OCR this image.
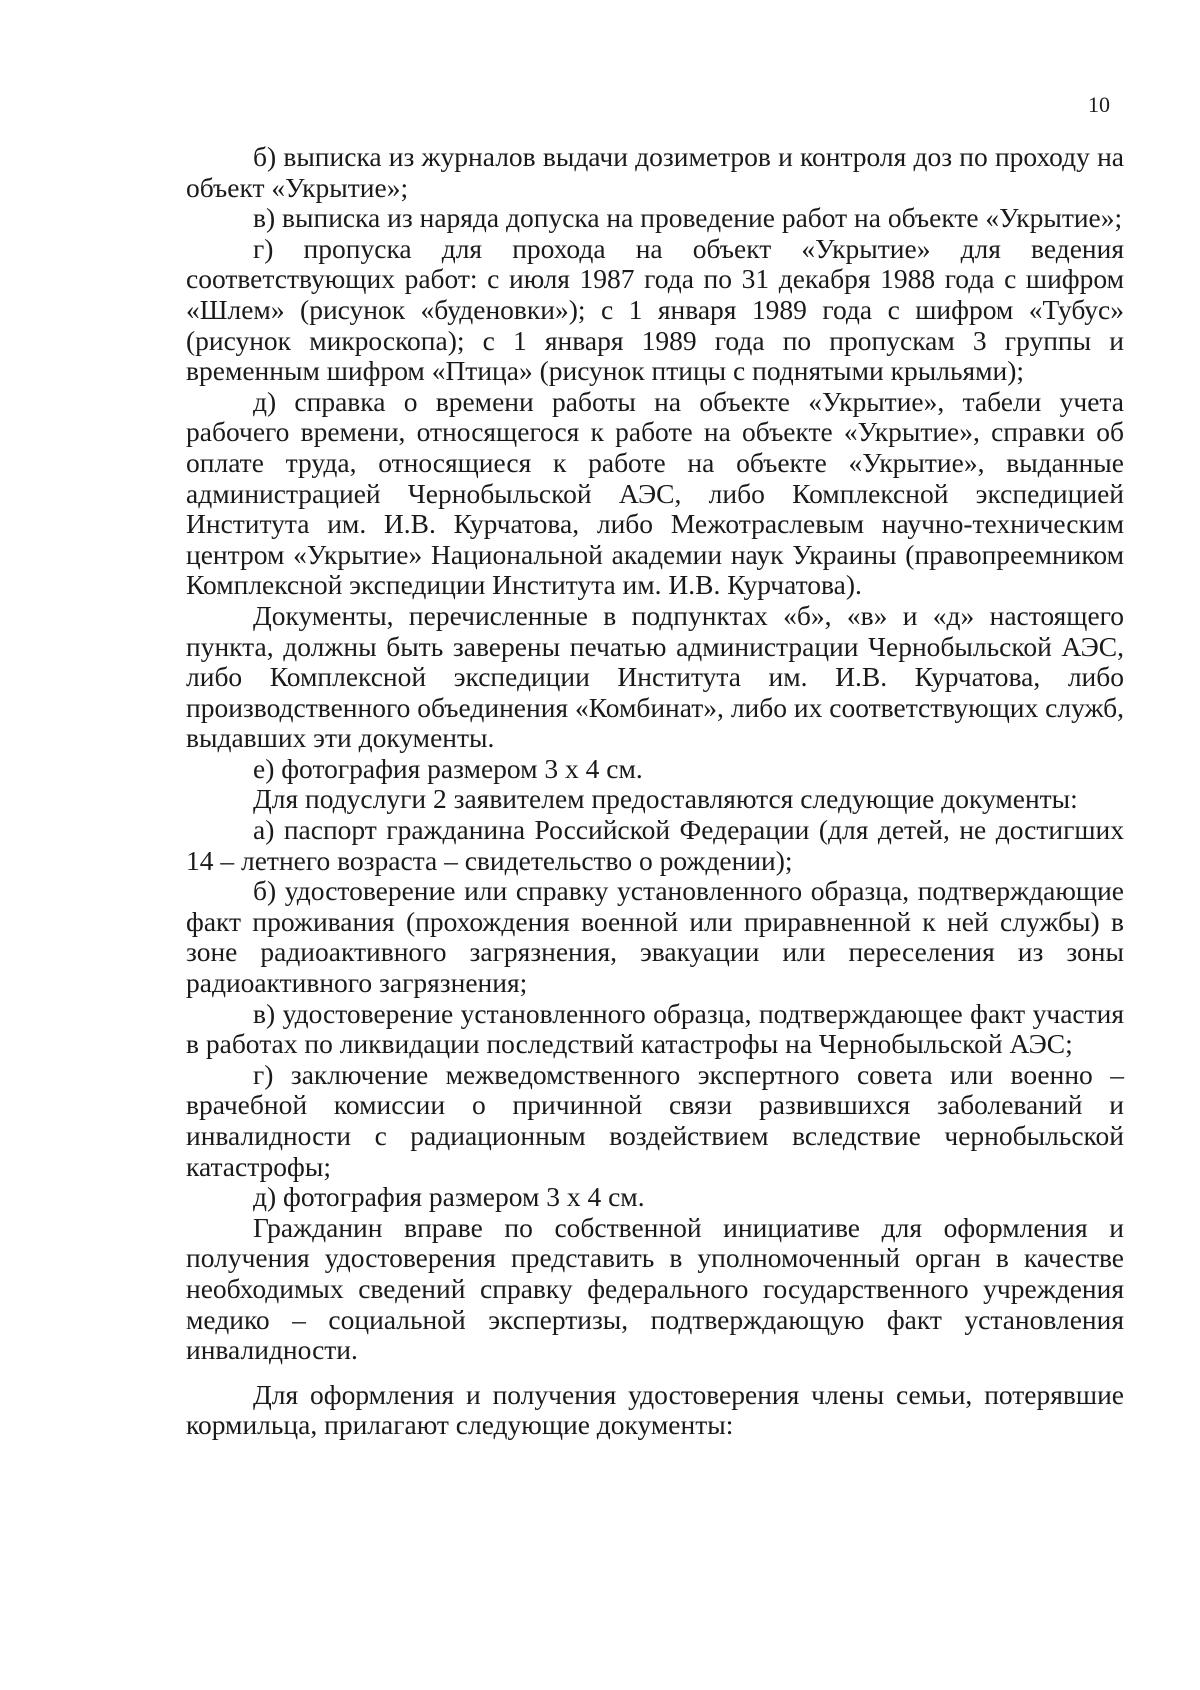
10

б) выписка из журналов выдачи дозиметров и контроля доз по проходу на объект «Укрытие»;

в) выписка из наряда допуска на проведение работ на объекте «Укрытие»;

г) пропуска для прохода на объект «Укрытие» для ведения соответствующих работ: с июля 1987 года по 31 декабря 1988 года с шифром «Шлем» (рисунок «буденовки»); с 1 января 1989 года с шифром «Тубус» (рисунок микроскопа); с 1 января 1989 года по пропускам 3 группы и временным шифром «Птица» (рисунок птицы с поднятыми крыльями);

д) справка о времени работы на объекте «Укрытие», табели учета рабочего времени, относящегося к работе на объекте «Укрытие», справки об оплате труда, относящиеся к работе на объекте «Укрытие», выданные администрацией Чернобыльской АЭС, либо Комплексной экспедицией Института им. И.В. Курчатова, либо Межотраслевым научно-техническим центром «Укрытие» Национальной академии наук Украины (правопреемником Комплексной экспедиции Института им. И.В. Курчатова).

Документы, перечисленные в подпунктах «б», «в» и «д» настоящего пункта, должны быть заверены печатью администрации Чернобыльской АЭС, либо Комплексной экспедиции Института им. И.В. Курчатова, либо производственного объединения «Комбинат», либо их соответствующих служб, выдавших эти документы.

е) фотография размером 3 x 4 см.

Для подуслуги 2 заявителем предоставляются следующие документы:

а) паспорт гражданина Российской Федерации (для детей, не достигших 14 – летнего возраста – свидетельство о рождении);

б) удостоверение или справку установленного образца, подтверждающие факт проживания (прохождения военной или приравненной к ней службы) в зоне радиоактивного загрязнения, эвакуации или переселения из зоны радиоактивного загрязнения;

в) удостоверение установленного образца, подтверждающее факт участия в работах по ликвидации последствий катастрофы на Чернобыльской АЭС;

г) заключение межведомственного экспертного совета или военно – врачебной комиссии о причинной связи развившихся заболеваний и инвалидности с радиационным воздействием вследствие чернобыльской катастрофы;

д) фотография размером 3 x 4 см.

Гражданин вправе по собственной инициативе для оформления и получения удостоверения представить в уполномоченный орган в качестве необходимых сведений справку федерального государственного учреждения медико – социальной экспертизы, подтверждающую факт установления инвалидности.

Для оформления и получения удостоверения члены семьи, потерявшие кормильца, прилагают следующие документы:
